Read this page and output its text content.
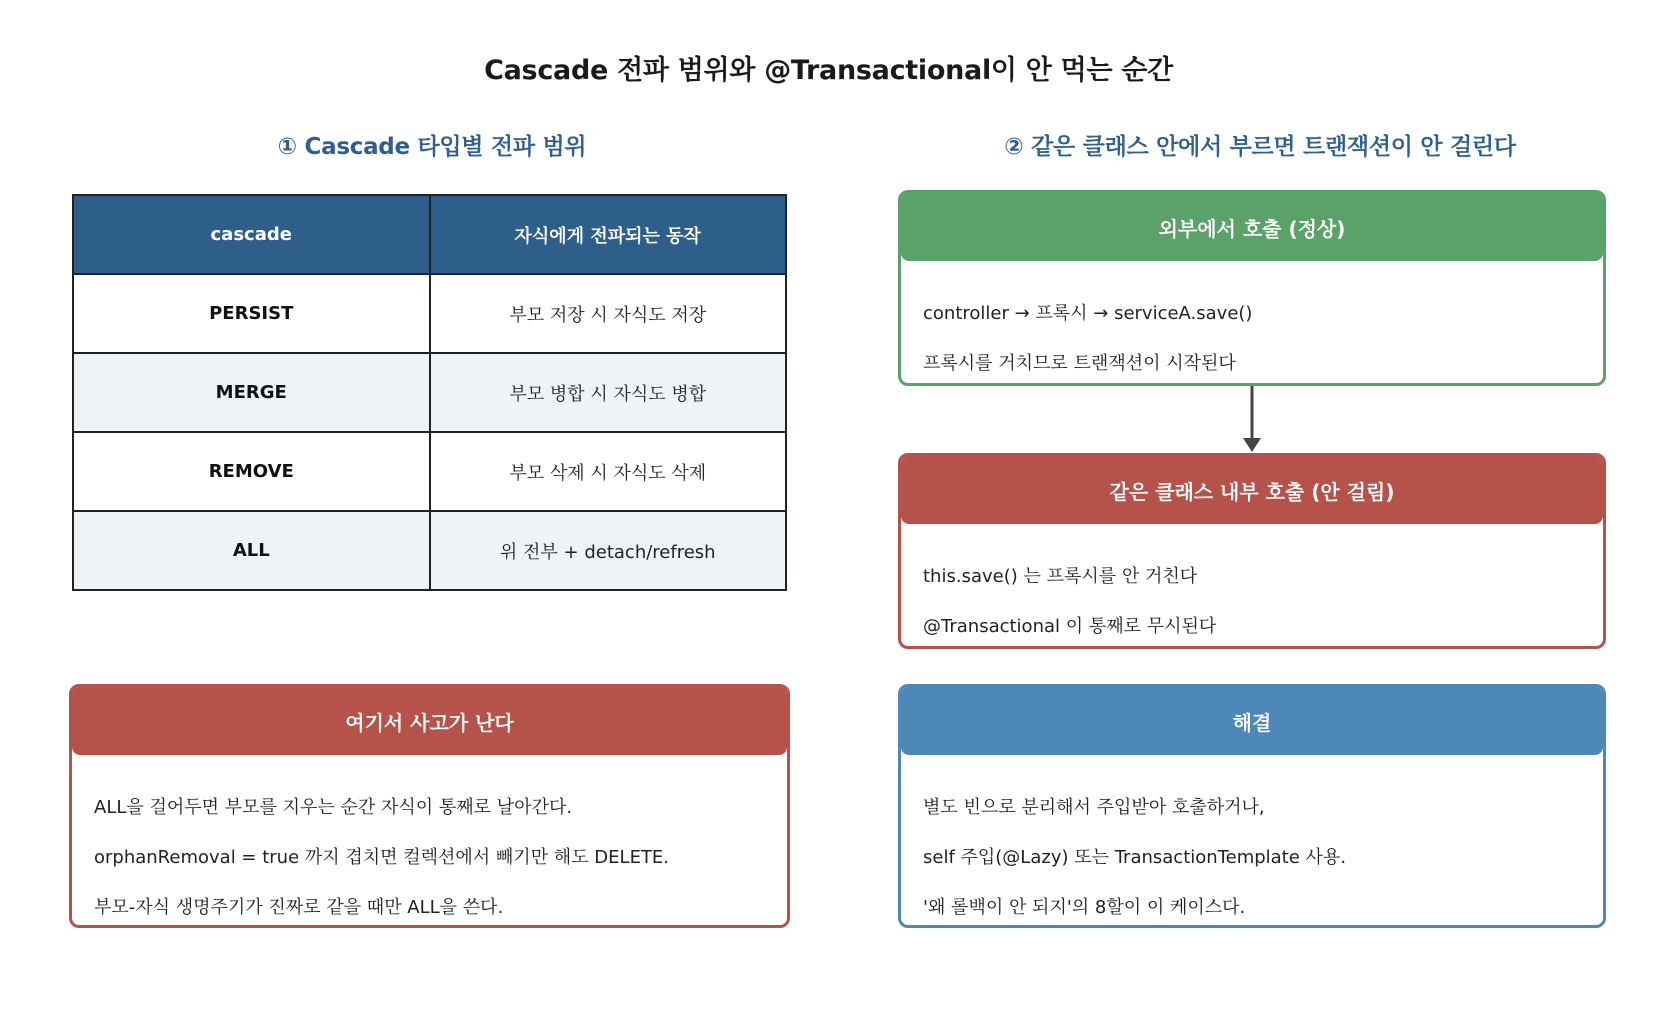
Cascade 전파 범위와 @Transactional이 안 먹는 순간
① Cascade 타입별 전파 범위	② 같은 클래스 안에서 부르면 트랜잭션이 안 걸린다
cascade	자식에게 전파되는 동작
PERSIST	부모 저장 시 자식도 저장
MERGE	부모 병합 시 자식도 병합
REMOVE	부모 삭제 시 자식도 삭제
ALL	위 전부 + detach/refresh
외부에서 호출 (정상)
controller → 프록시 → serviceA.save()
프록시를 거치므로 트랜잭션이 시작된다
같은 클래스 내부 호출 (안 걸림)
this.save() 는 프록시를 안 거친다
@Transactional 이 통째로 무시된다
여기서 사고가 난다
ALL을 걸어두면 부모를 지우는 순간 자식이 통째로 날아간다.
orphanRemoval = true 까지 겹치면 컬렉션에서 빼기만 해도 DELETE.
부모-자식 생명주기가 진짜로 같을 때만 ALL을 쓴다.
해결
별도 빈으로 분리해서 주입받아 호출하거나,
self 주입(@Lazy) 또는 TransactionTemplate 사용.
'왜 롤백이 안 되지'의 8할이 이 케이스다.
